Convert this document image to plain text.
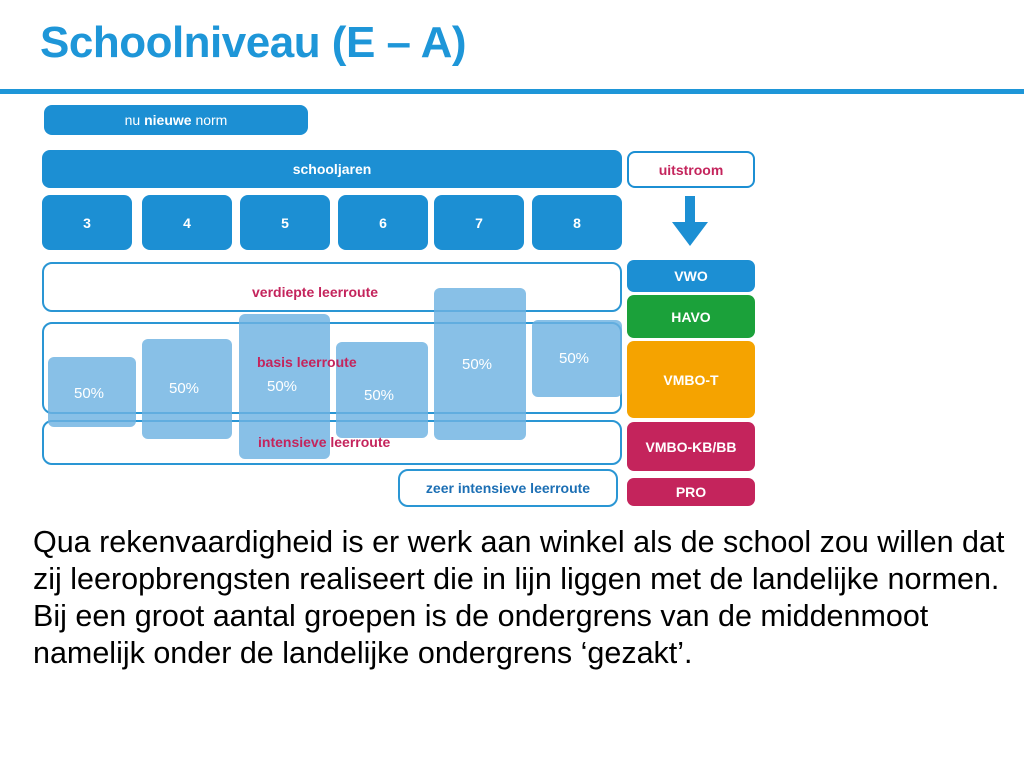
Schoolniveau (E – A)
nu nieuwe norm
schooljaren
3	4	5	6	7	8
verdiepte leerroute
basis leerroute
intensieve leerroute
50%	50%	50%
50%
50%	50%
zeer intensieve leerroute
uitstroom
VWO
HAVO
VMBO-T
VMBO-KB/BB
PRO
Qua rekenvaardigheid is er werk aan winkel als de school zou willen dat zij leeropbrengsten realiseert die in lijn liggen met de landelijke normen. Bij een groot aantal groepen is de ondergrens van de middenmoot namelijk onder de landelijke ondergrens ‘gezakt’.
